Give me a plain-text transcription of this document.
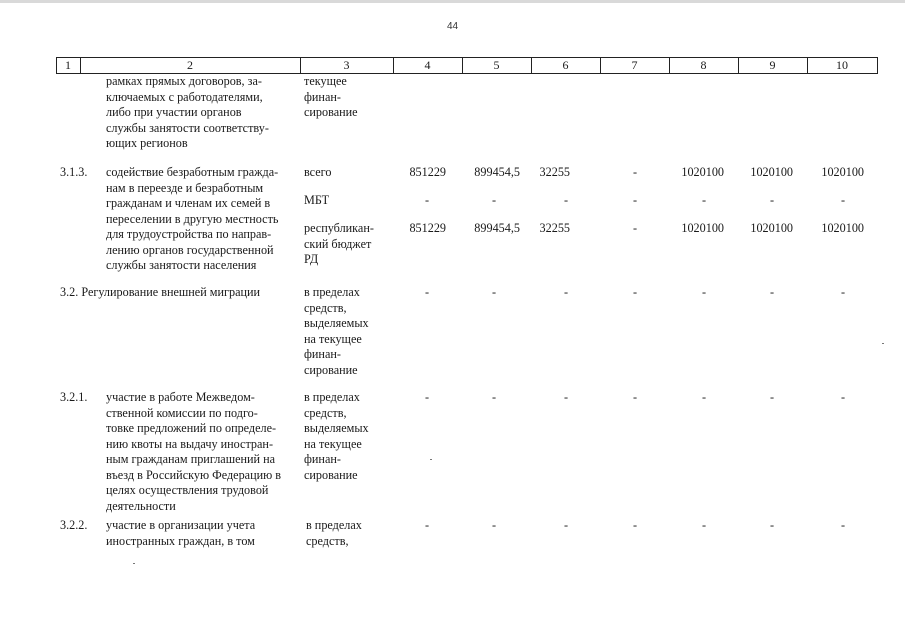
44
1	2	3	4	5	6	7	8	9	10
рамках прямых договоров, за-
ключаемых с работодателями,
либо при участии органов
службы занятости соответству-
ющих регионов
текущее
финан-
сирование
3.1.3.	содействие безработным гражда-
нам в переезде и безработным
гражданам и членам их семей в
переселении в другую местность
для трудоустройства по направ-
лению органов государственной
службы занятости населения
всего	851229	899454,5	32255	-	1020100	1020100	1020100
МБТ	-	-	-	-	-	-	-
республикан-
ский бюджет
РД
851229	899454,5	32255	-	1020100	1020100	1020100
3.2. Регулирование внешней миграции	в пределах
средств,
выделяемых
на текущее
финан-
сирование
-	-	-	-	-	-	-
3.2.1.	участие в работе Межведом-
ственной комиссии по подго-
товке предложений по определе-
нию квоты на выдачу иностран-
ным гражданам приглашений на
въезд в Российскую Федерацию в
целях осуществления трудовой
деятельности
в пределах
средств,
выделяемых
на текущее
финан-
сирование
-	-	-	-	-	-	-
3.2.2.	участие в организации учета
иностранных граждан, в том
в пределах
средств,
-	-	-	-	-	-	-
